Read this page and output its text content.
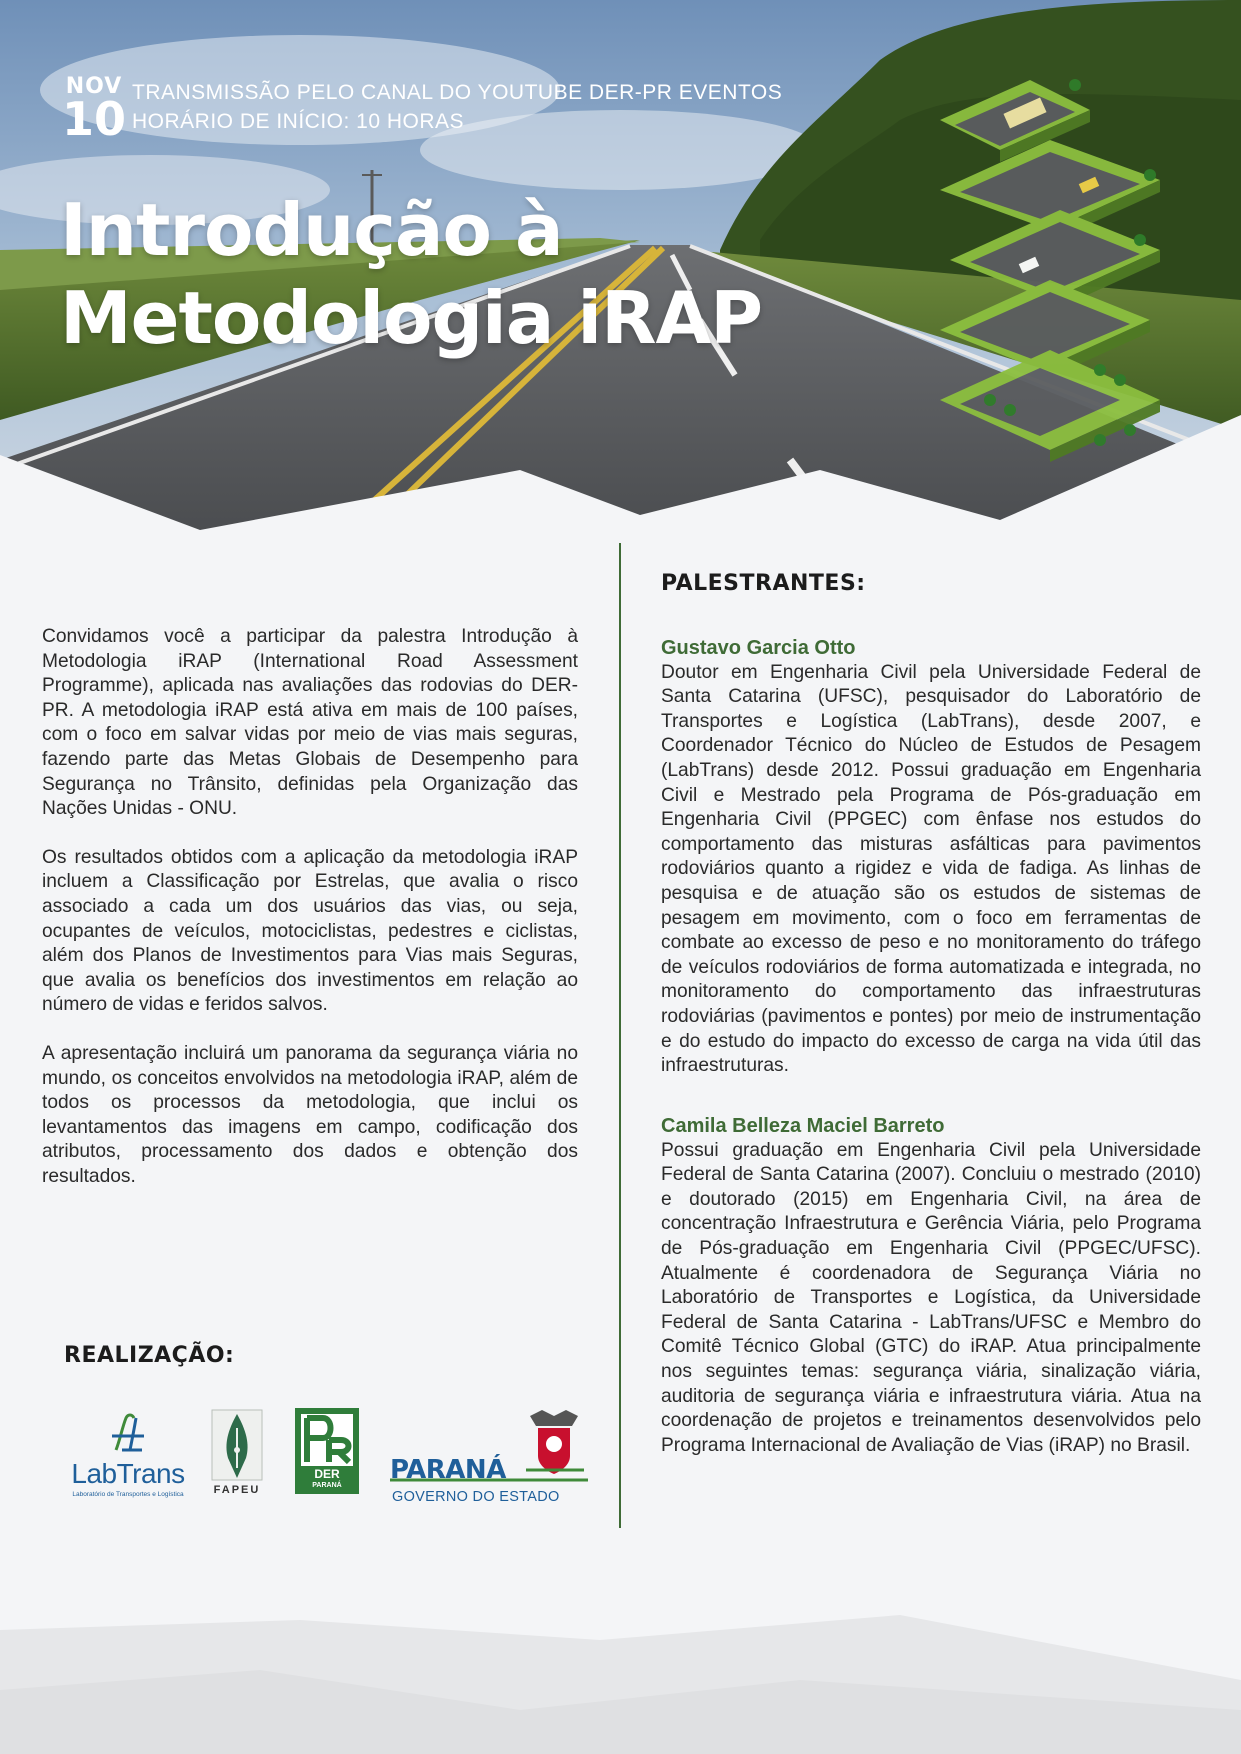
NOV
10 TRANSMISSÃO PELO CANAL DO YOUTUBE DER-PR EVENTOS
HORÁRIO DE INÍCIO: 10 HORAS
Introdução à
Metodologia iRAP

Convidamos você a participar da palestra Introdução à Metodologia iRAP (International Road Assessment Programme), aplicada nas avaliações das rodovias do DER-PR. A metodologia iRAP está ativa em mais de 100 países, com o foco em salvar vidas por meio de vias mais seguras, fazendo parte das Metas Globais de Desempenho para Segurança no Trânsito, definidas pela Organização das Nações Unidas - ONU.

Os resultados obtidos com a aplicação da metodologia iRAP incluem a Classificação por Estrelas, que avalia o risco associado a cada um dos usuários das vias, ou seja, ocupantes de veículos, motociclistas, pedestres e ciclistas, além dos Planos de Investimentos para Vias mais Seguras, que avalia os benefícios dos investimentos em relação ao número de vidas e feridos salvos.

A apresentação incluirá um panorama da segurança viária no mundo, os conceitos envolvidos na metodologia iRAP, além de todos os processos da metodologia, que inclui os levantamentos das imagens em campo, codificação dos atributos, processamento dos dados e obtenção dos resultados.

PALESTRANTES:
Gustavo Garcia Otto

Doutor em Engenharia Civil pela Universidade Federal de Santa Catarina (UFSC), pesquisador do Laboratório de Transportes e Logística (LabTrans), desde 2007, e Coordenador Técnico do Núcleo de Estudos de Pesagem (LabTrans) desde 2012. Possui graduação em Engenharia Civil e Mestrado pela Programa de Pós-graduação em Engenharia Civil (PPGEC) com ênfase nos estudos do comportamento das misturas asfálticas para pavimentos rodoviários quanto a rigidez e vida de fadiga. As linhas de pesquisa e de atuação são os estudos de sistemas de pesagem em movimento, com o foco em ferramentas de combate ao excesso de peso e no monitoramento do tráfego de veículos rodoviários de forma automatizada e integrada, no monitoramento do comportamento das infraestruturas rodoviárias (pavimentos e pontes) por meio de instrumentação e do estudo do impacto do excesso de carga na vida útil das infraestruturas.

Camila Belleza Maciel Barreto

Possui graduação em Engenharia Civil pela Universidade Federal de Santa Catarina (2007). Concluiu o mestrado (2010) e doutorado (2015) em Engenharia Civil, na área de concentração Infraestrutura e Gerência Viária, pelo Programa de Pós-graduação em Engenharia Civil (PPGEC/UFSC). Atualmente é coordenadora de Segurança Viária no Laboratório de Transportes e Logística, da Universidade Federal de Santa Catarina - LabTrans/UFSC e Membro do Comitê Técnico Global (GTC) do iRAP. Atua principalmente nos seguintes temas: segurança viária, sinalização viária, auditoria de segurança viária e infraestrutura viária. Atua na coordenação de projetos e treinamentos desenvolvidos pelo Programa Internacional de Avaliação de Vias (iRAP) no Brasil.

REALIZAÇÃO:
LabTrans
Laboratório de Transportes e Logística	FAPEU
DER
PARANÁ
PARANÁ
GOVERNO DO ESTADO
